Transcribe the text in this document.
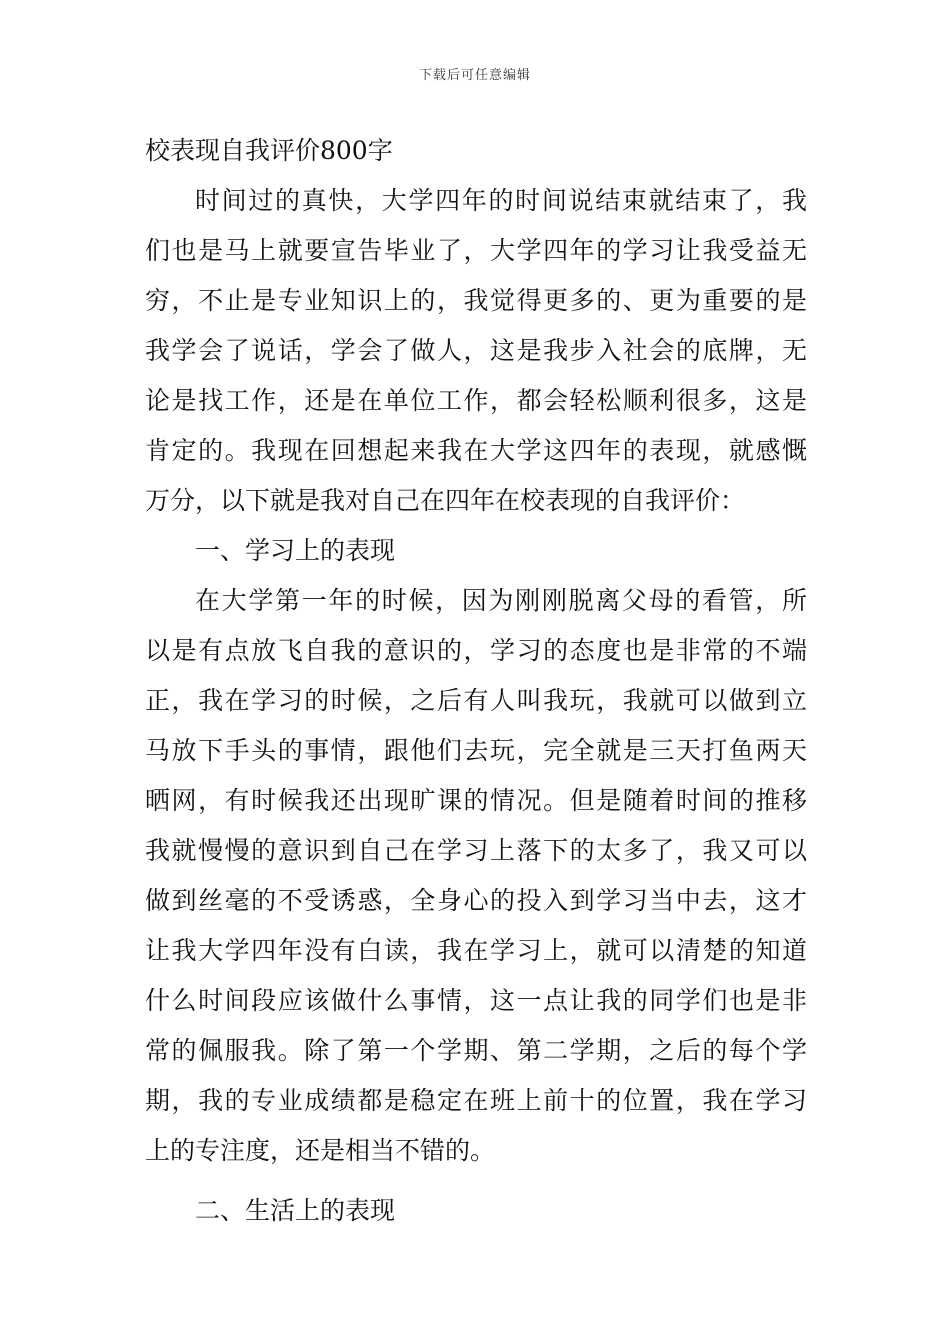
下载后可任意编辑
校表现自我评价800字
时间过的真快，大学四年的时间说结束就结束了，我
们也是马上就要宣告毕业了，大学四年的学习让我受益无
穷，不止是专业知识上的，我觉得更多的、更为重要的是
我学会了说话，学会了做人，这是我步入社会的底牌，无
论是找工作，还是在单位工作，都会轻松顺利很多，这是
肯定的。我现在回想起来我在大学这四年的表现，就感慨
万分，以下就是我对自己在四年在校表现的自我评价：
一、学习上的表现
在大学第一年的时候，因为刚刚脱离父母的看管，所
以是有点放飞自我的意识的，学习的态度也是非常的不端
正，我在学习的时候，之后有人叫我玩，我就可以做到立
马放下手头的事情，跟他们去玩，完全就是三天打鱼两天
晒网，有时候我还出现旷课的情况。但是随着时间的推移
我就慢慢的意识到自己在学习上落下的太多了，我又可以
做到丝毫的不受诱惑，全身心的投入到学习当中去，这才
让我大学四年没有白读，我在学习上，就可以清楚的知道
什么时间段应该做什么事情，这一点让我的同学们也是非
常的佩服我。除了第一个学期、第二学期，之后的每个学
期，我的专业成绩都是稳定在班上前十的位置，我在学习
上的专注度，还是相当不错的。
二、生活上的表现
